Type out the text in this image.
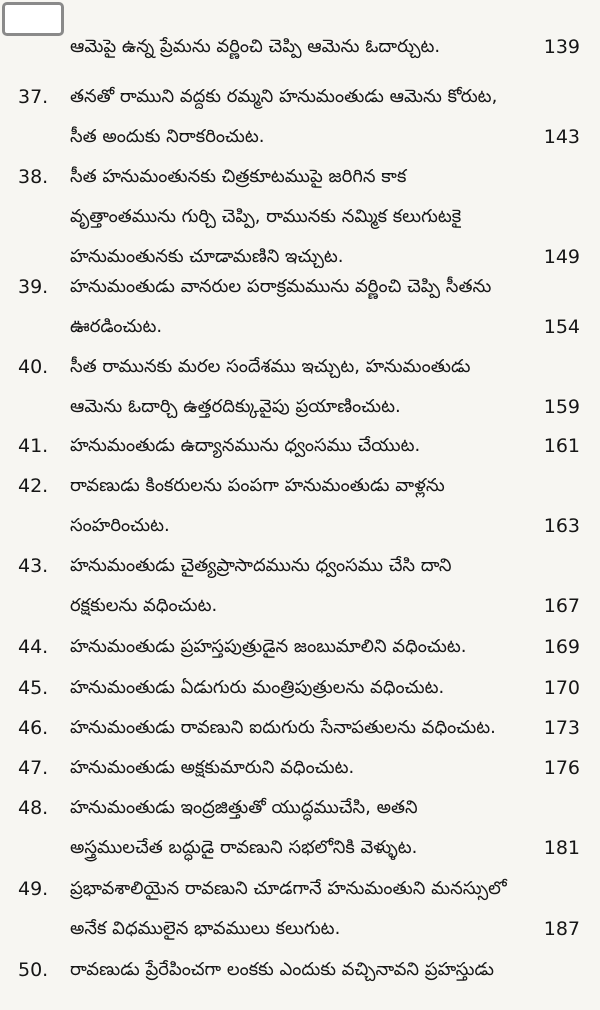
ఆమెపై ఉన్న ప్రేమను వర్ణించి చెప్పి ఆమెను ఓదార్చుట.	139
37.	తనతో రాముని వద్దకు రమ్మని హనుమంతుడు ఆమెను కోరుట,
సీత అందుకు నిరాకరించుట.	143
38.	సీత హనుమంతునకు చిత్రకూటముపై జరిగిన కాక
వృత్తాంతమును గుర్చి చెప్పి, రామునకు నమ్మిక కలుగుటకై
హనుమంతునకు చూడామణిని ఇచ్చుట.	149
39.	హనుమంతుడు వానరుల పరాక్రమమును వర్ణించి చెప్పి సీతను
ఊరడించుట.	154
40.	సీత రామునకు మరల సందేశము ఇచ్చుట, హనుమంతుడు
ఆమెను ఓదార్చి ఉత్తరదిక్కువైపు ప్రయాణించుట.	159
41.	హనుమంతుడు ఉద్యానమును ధ్వంసము చేయుట.	161
42.	రావణుడు కింకరులను పంపగా హనుమంతుడు వాళ్లను
సంహరించుట.	163
43.	హనుమంతుడు చైత్యప్రాసాదమును ధ్వంసము చేసి దాని
రక్షకులను వధించుట.	167
44.	హనుమంతుడు ప్రహస్తపుత్రుడైన జంబుమాలిని వధించుట.	169
45.	హనుమంతుడు ఏడుగురు మంత్రిపుత్రులను వధించుట.	170
46.	హనుమంతుడు రావణుని ఐదుగురు సేనాపతులను వధించుట.	173
47.	హనుమంతుడు అక్షకుమారుని వధించుట.	176
48.	హనుమంతుడు ఇంద్రజిత్తుతో యుద్ధముచేసి, అతని
అస్త్రములచేత బద్ధుడై రావణుని సభలోనికి వెళ్ళుట.	181
49.	ప్రభావశాలియైన రావణుని చూడగానే హనుమంతుని మనస్సులో
అనేక విధములైన భావములు కలుగుట.	187
50.	రావణుడు ప్రేరేపించగా లంకకు ఎందుకు వచ్చినావని ప్రహస్తుడు
